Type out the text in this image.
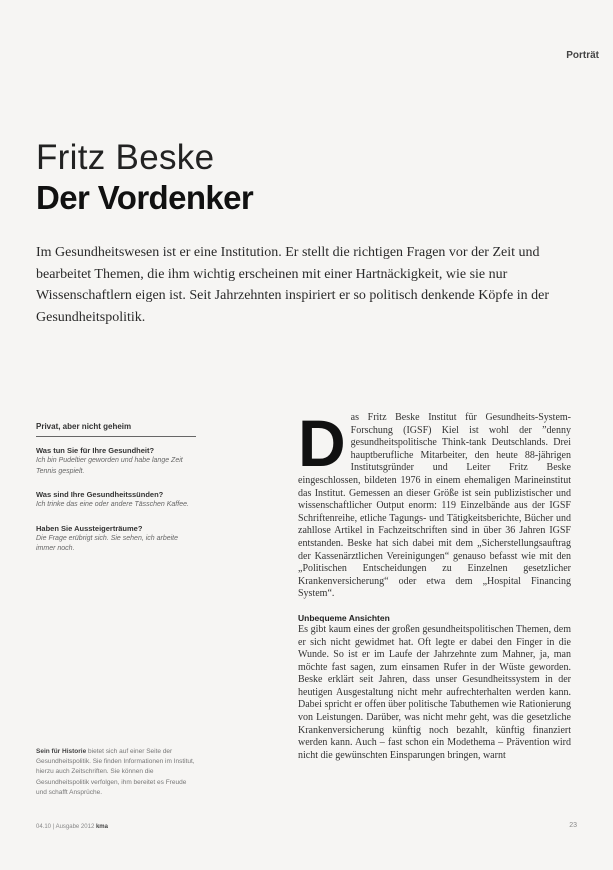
Porträt
Fritz Beske
Der Vordenker
Im Gesundheitswesen ist er eine Institution. Er stellt die richtigen Fragen vor der Zeit und bearbeitet Themen, die ihm wichtig erscheinen mit einer Hartnäckigkeit, wie sie nur Wissenschaftlern eigen ist. Seit Jahrzehnten inspiriert er so politisch denkende Köpfe in der Gesundheitspolitik.
Privat, aber nicht geheim
Was tun Sie für Ihre Gesundheit?
Ich bin Pudeltier geworden und habe lange Zeit Tennis gespielt.
Was sind Ihre Gesundheitssünden?
Ich trinke das eine oder andere Tässchen Kaffee.
Haben Sie Aussteigerträume?
Die Frage erübrigt sich. Sie sehen, ich arbeite immer noch.
Sein für Historie bietet sich auf einer Seite der Gesundheitspolitik. Sie finden Informationen im Institut, hierzu auch Zeitschriften. Sie können die Gesundheitspolitik verfolgen, ihm bereitet es Freude und schafft Ansprüche.
D as Fritz Beske Institut für Gesundheits-System-Forschung (IGSF) Kiel ist wohl der ”denny gesundheitspolitische Think-tank Deutschlands. Drei hauptberufliche Mitarbeiter, den heute 88-jährigen Institutsgründer und Leiter Fritz Beske eingeschlossen, bildeten 1976 in einem ehemaligen Marineinstitut das Institut. Gemessen an dieser Größe ist sein publizistischer und wissenschaftlicher Output enorm: 119 Einzelbände aus der IGSF Schriftenreihe, etliche Tagungs- und Tätigkeitsberichte, Bücher und zahllose Artikel in Fachzeitschriften sind in über 36 Jahren IGSF entstanden. Beske hat sich dabei mit dem „Sicherstellungsauftrag der Kassenärztlichen Vereinigungen“ genauso befasst wie mit den „Politischen Entscheidungen zu Einzelnen gesetzlicher Krankenversicherung“ oder etwa dem „Hospital Financing System“.

Unbequeme Ansichten

Es gibt kaum eines der großen gesundheitspolitischen Themen, dem er sich nicht gewidmet hat. Oft legte er dabei den Finger in die Wunde. So ist er im Laufe der Jahrzehnte zum Mahner, ja, man möchte fast sagen, zum einsamen Rufer in der Wüste geworden. Beske erklärt seit Jahren, dass unser Gesundheitssystem in der heutigen Ausgestaltung nicht mehr aufrechterhalten werden kann. Dabei spricht er offen über politische Tabuthemen wie Rationierung von Leistungen. Darüber, was nicht mehr geht, was die gesetzliche Krankenversicherung künftig noch bezahlt, künftig finanziert werden kann. Auch – fast schon ein Modethema – Prävention wird nicht die gewünschten Einsparungen bringen, warnt

04.10 | Ausgabe 2012 kma	23
